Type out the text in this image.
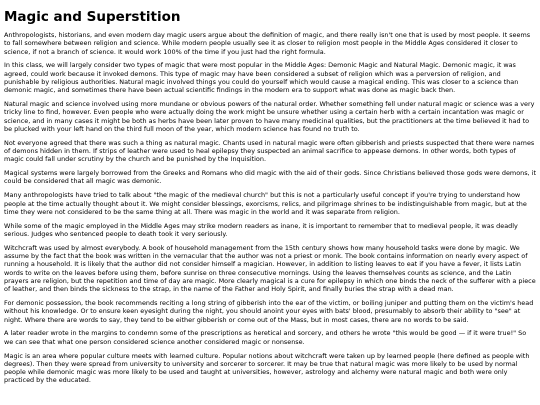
Magic and Superstition

Anthropologists, historians, and even modern day magic users argue about the definition of magic, and there really isn't one that is used by most people. It seems to fall somewhere between religion and science. While modern people usually see it as closer to religion most people in the Middle Ages considered it closer to science, if not a branch of science. It would work 100% of the time if you just had the right formula.

In this class, we will largely consider two types of magic that were most popular in the Middle Ages: Demonic Magic and Natural Magic. Demonic magic, it was agreed, could work because it invoked demons. This type of magic may have been considered a subset of religion which was a perversion of religion, and punishable by religious authorities. Natural magic involved things you could do yourself which would cause a magical ending. This was closer to a science than demonic magic, and sometimes there have been actual scientific findings in the modern era to support what was done as magic back then.

Natural magic and science involved using more mundane or obvious powers of the natural order. Whether something fell under natural magic or science was a very tricky line to find, however. Even people who were actually doing the work might be unsure whether using a certain herb with a certain incantation was magic or science, and in many cases it might be both as herbs have been later proven to have many medicinal qualities, but the practitioners at the time believed it had to be plucked with your left hand on the third full moon of the year, which modern science has found no truth to.

Not everyone agreed that there was such a thing as natural magic. Chants used in natural magic were often gibberish and priests suspected that there were names of demons hidden in them. If strips of leather were used to heal epilepsy they suspected an animal sacrifice to appease demons. In other words, both types of magic could fall under scrutiny by the church and be punished by the Inquisition.

Magical systems were largely borrowed from the Greeks and Romans who did magic with the aid of their gods. Since Christians believed those gods were demons, it could be considered that all magic was demonic.

Many anthropologists have tried to talk about "the magic of the medieval church" but this is not a particularly useful concept if you're trying to understand how people at the time actually thought about it. We might consider blessings, exorcisms, relics, and pilgrimage shrines to be indistinguishable from magic, but at the time they were not considered to be the same thing at all. There was magic in the world and it was separate from religion.

While some of the magic employed in the Middle Ages may strike modern readers as inane, it is important to remember that to medieval people, it was deadly serious. Judges who sentenced people to death took it very seriously.

Witchcraft was used by almost everybody. A book of household management from the 15th century shows how many household tasks were done by magic. We assume by the fact that the book was written in the vernacular that the author was not a priest or monk. The book contains information on nearly every aspect of running a household. It is likely that the author did not consider himself a magician. However, in addition to listing leaves to eat if you have a fever, it lists Latin words to write on the leaves before using them, before sunrise on three consecutive mornings. Using the leaves themselves counts as science, and the Latin prayers are religion, but the repetition and time of day are magic. More clearly magical is a cure for epilepsy in which one binds the neck of the sufferer with a piece of leather, and then binds the sickness to the strap, in the name of the Father and Holy Spirit, and finally buries the strap with a dead man.

For demonic possession, the book recommends reciting a long string of gibberish into the ear of the victim, or boiling juniper and putting them on the victim's head without his knowledge. Or to ensure keen eyesight during the night, you should anoint your eyes with bats' blood, presumably to absorb their ability to "see" at night. Where there are words to say, they tend to be either gibberish or come out of the Mass, but in most cases, there are no words to be said.

A later reader wrote in the margins to condemn some of the prescriptions as heretical and sorcery, and others he wrote "this would be good — if it were true!" So we can see that what one person considered science another considered magic or nonsense.

Magic is an area where popular culture meets with learned culture. Popular notions about witchcraft were taken up by learned people (here defined as people with degrees). Then they were spread from university to university and sorcerer to sorcerer. It may be true that natural magic was more likely to be used by normal people while demonic magic was more likely to be used and taught at universities, however, astrology and alchemy were natural magic and both were only practiced by the educated.
